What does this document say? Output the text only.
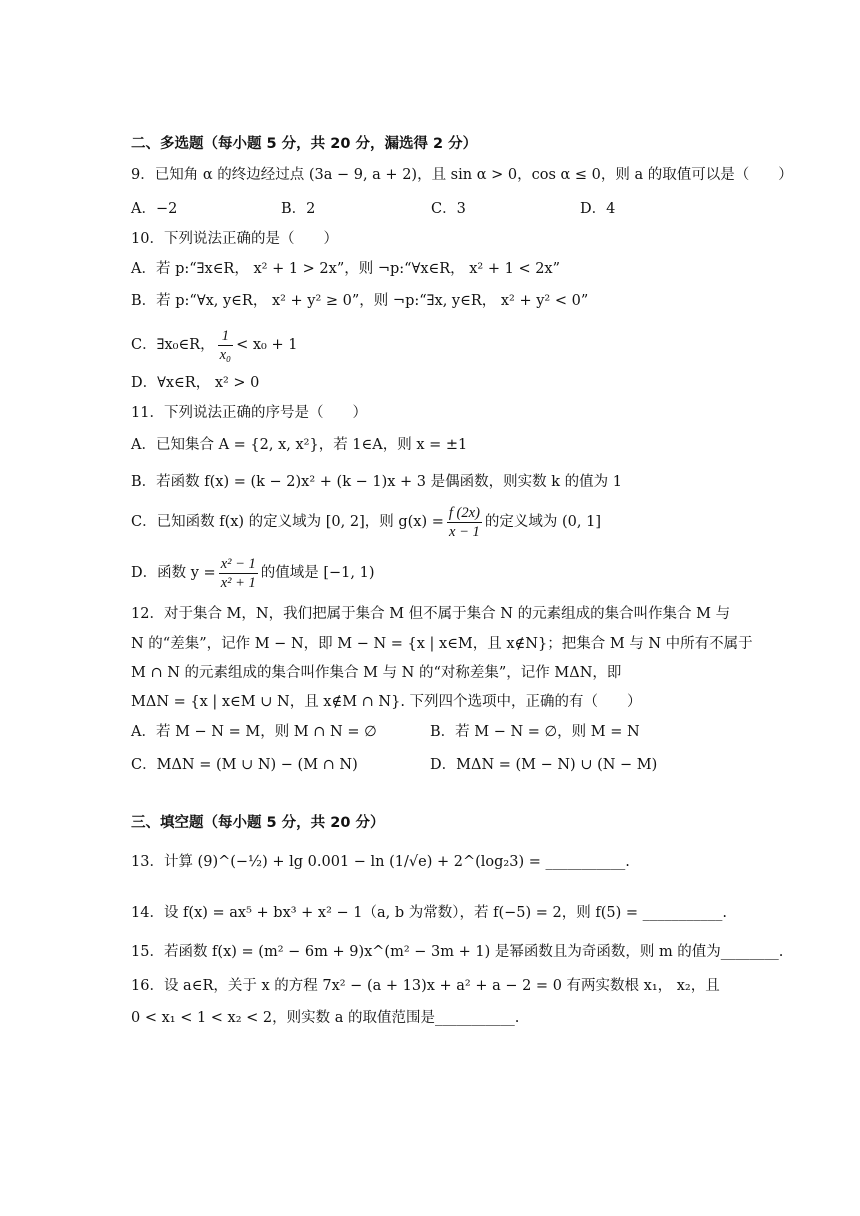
二、多选题（每小题 5 分，共 20 分，漏选得 2 分）
9．已知角 α 的终边经过点 (3a − 9, a + 2)，且 sin α > 0，cos α ≤ 0，则 a 的取值可以是（　　）
A．−2	B．2	C．3	D．4
10．下列说法正确的是（　　）
A．若 p:“∃x∈R， x² + 1 > 2x”，则 ¬p:“∀x∈R， x² + 1 < 2x”
B．若 p:“∀x, y∈R， x² + y² ≥ 0”，则 ¬p:“∃x, y∈R， x² + y² < 0”
C．∃x₀∈R， $\frac{1}{\text{x₀}} < x_0 + 1$
D．∀x∈R， x² > 0
11．下列说法正确的序号是（　　）
A．已知集合 A = {2, x, x²}，若 1∈A，则 x = ±1
B．若函数 f(x) = (k − 2)x² + (k − 1)x + 3 是偶函数，则实数 k 的值为 1
C．已知函数 f(x) 的定义域为 [0, 2]，则 $g(x) = \frac{f (2x)}{x - 1}$ 的定义域为 (0, 1]
D．函数 $y = \frac{\text{x² − 1}}{\text{x² + 1}}$ 的值域是 [−1, 1)
12．对于集合 M，N，我们把属于集合 M 但不属于集合 N 的元素组成的集合叫作集合 M 与
N 的“差集”，记作 M − N，即 M − N = {x | x∈M，且 x∉N}；把集合 M 与 N 中所有不属于
M ∩ N 的元素组成的集合叫作集合 M 与 N 的“对称差集”，记作 MΔN，即
MΔN = {x | x∈M ∪ N，且 x∉M ∩ N}. 下列四个选项中，正确的有（　　）
A．若 M − N = M，则 M ∩ N = ∅	B．若 M − N = ∅，则 M = N
C．MΔN = (M ∪ N) − (M ∩ N)	D．MΔN = (M − N) ∪ (N − M)
三、填空题（每小题 5 分，共 20 分）
13．计算 (9)^(−½) + lg 0.001 − ln (1/√e) + 2^(log₂3) = ___________.
14．设 f(x) = ax⁵ + bx³ + x² − 1（a, b 为常数），若 f(−5) = 2，则 f(5) = ___________.
15．若函数 f(x) = (m² − 6m + 9)x^(m² − 3m + 1) 是幂函数且为奇函数，则 m 的值为________.
16．设 a∈R，关于 x 的方程 7x² − (a + 13)x + a² + a − 2 = 0 有两实数根 x₁， x₂，且
0 < x₁ < 1 < x₂ < 2，则实数 a 的取值范围是___________.
